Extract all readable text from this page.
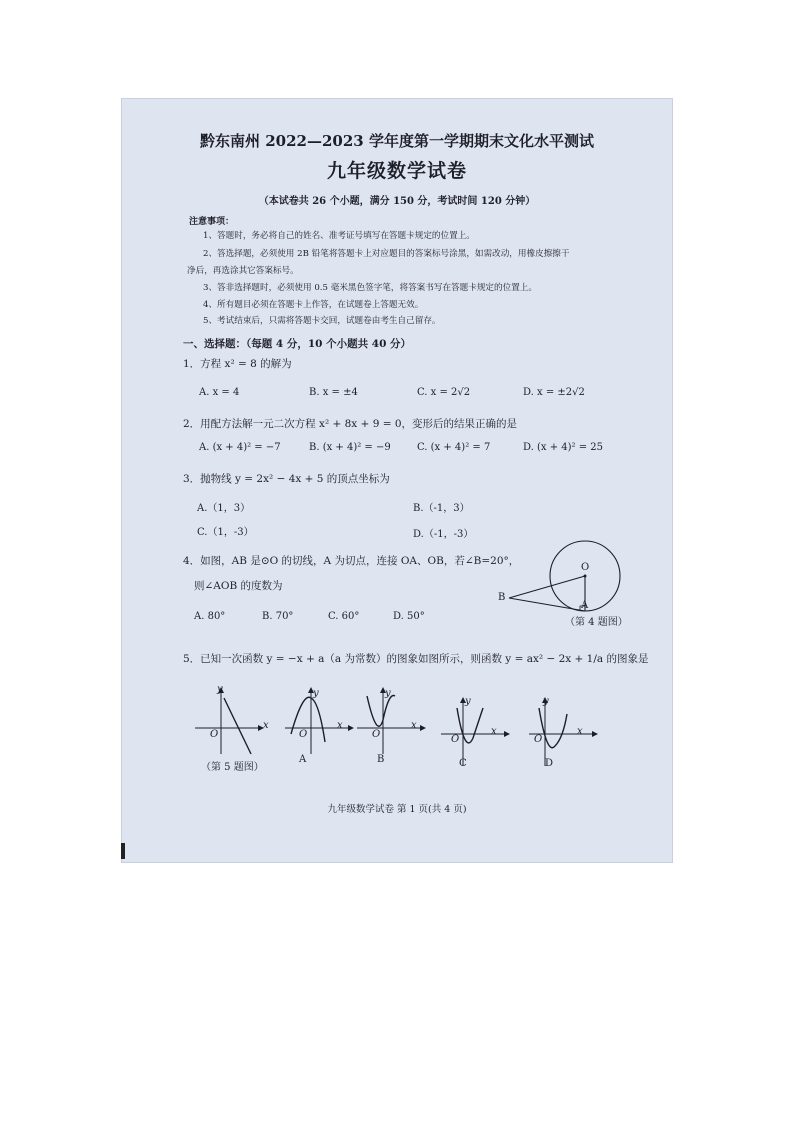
黔东南州 2022—2023 学年度第一学期期末文化水平测试
九年级数学试卷
（本试卷共 26 个小题，满分 150 分，考试时间 120 分钟）
注意事项：
1、答题时，务必将自己的姓名、准考证号填写在答题卡规定的位置上。
2、答选择题，必须使用 2B 铅笔将答题卡上对应题目的答案标号涂黑，如需改动，用橡皮擦擦干
净后，再选涂其它答案标号。
3、答非选择题时，必须使用 0.5 毫米黑色签字笔，将答案书写在答题卡规定的位置上。
4、所有题目必须在答题卡上作答，在试题卷上答题无效。
5、考试结束后，只需将答题卡交回，试题卷由考生自己留存。
一、选择题：（每题 4 分，10 个小题共 40 分）
1．方程 x² = 8 的解为
A. x = 4	B. x = ±4	C. x = 2√2	D. x = ±2√2
2．用配方法解一元二次方程 x² + 8x + 9 = 0，变形后的结果正确的是
A. (x + 4)² = −7	B. (x + 4)² = −9	C. (x + 4)² = 7	D. (x + 4)² = 25
3．抛物线 y = 2x² − 4x + 5 的顶点坐标为
A.（1，3）	B.（-1，3）
C.（1，-3）	D.（-1，-3）
4．如图，AB 是⊙O 的切线，A 为切点，连接 OA、OB，若∠B=20°，
则∠AOB 的度数为
A. 80°	B. 70°	C. 60°	D. 50°
O
B
A
（第 4 题图）
5．已知一次函数 y = −x + a（a 为常数）的图象如图所示，则函数 y = ax² − 2x + 1/a 的图象是
y
x
O
y
x
O
y
x
O
y
x
O
y
x
O
（第 5 题图）
A	B	C	D
九年级数学试卷 第 1 页(共 4 页)
